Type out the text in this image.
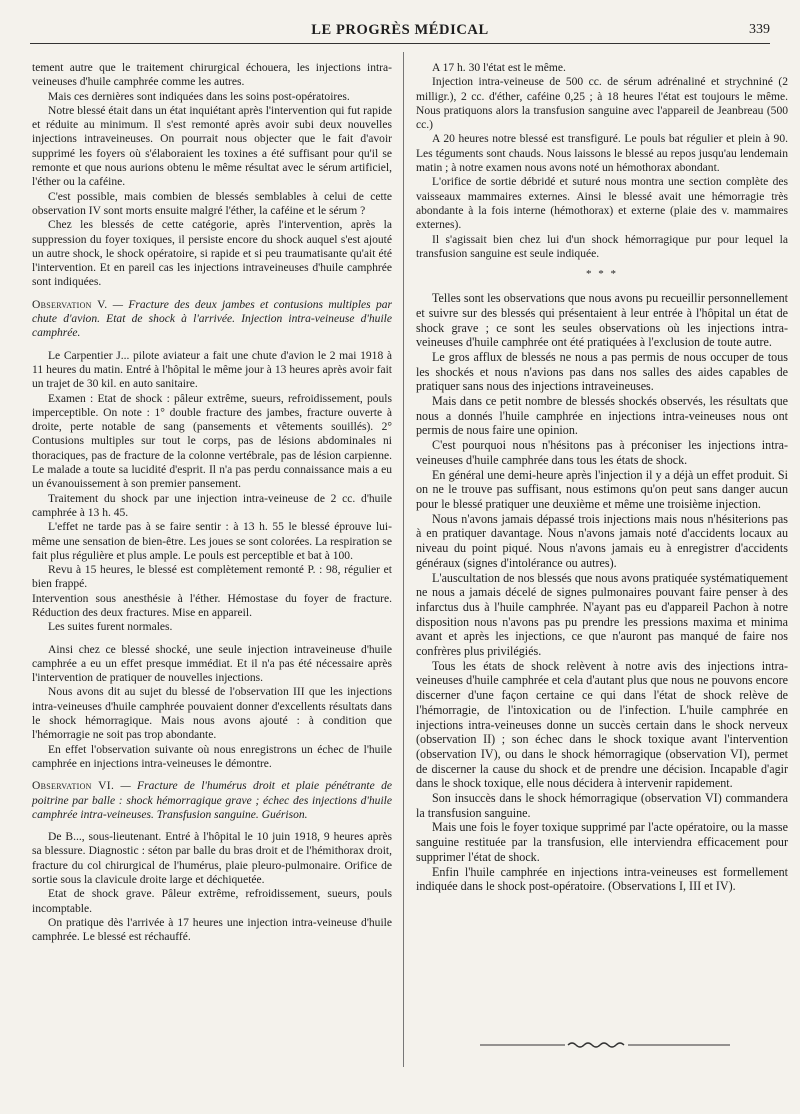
LE PROGRÈS MÉDICAL	339

tement autre que le traitement chirurgical échouera, les injections intra-veineuses d'huile camphrée comme les autres.

Mais ces dernières sont indiquées dans les soins post-opératoires.

Notre blessé était dans un état inquiétant après l'intervention qui fut rapide et réduite au minimum. Il s'est remonté après avoir subi deux nouvelles injections intraveineuses. On pourrait nous objecter que le fait d'avoir supprimé les foyers où s'élaboraient les toxines a été suffisant pour qu'il se remonte et que nous aurions obtenu le même résultat avec le sérum artificiel, l'éther ou la caféine.

C'est possible, mais combien de blessés semblables à celui de cette observation IV sont morts ensuite malgré l'éther, la caféine et le sérum ?

Chez les blessés de cette catégorie, après l'intervention, après la suppression du foyer toxiques, il persiste encore du shock auquel s'est ajouté un autre shock, le shock opératoire, si rapide et si peu traumatisante qu'ait été l'intervention. Et en pareil cas les injections intraveineuses d'huile camphrée sont indiquées.

Observation V. — Fracture des deux jambes et contusions multiples par chute d'avion. Etat de shock à l'arrivée. Injection intra-veineuse d'huile camphrée.

Le Carpentier J... pilote aviateur a fait une chute d'avion le 2 mai 1918 à 11 heures du matin. Entré à l'hôpital le même jour à 13 heures après avoir fait un trajet de 30 kil. en auto sanitaire.

Examen : Etat de shock : pâleur extrême, sueurs, refroidissement, pouls imperceptible. On note : 1° double fracture des jambes, fracture ouverte à droite, perte notable de sang (pansements et vêtements souillés). 2° Contusions multiples sur tout le corps, pas de lésions abdominales ni thoraciques, pas de fracture de la colonne vertébrale, pas de lésion carpienne. Le malade a toute sa lucidité d'esprit. Il n'a pas perdu connaissance mais a eu un évanouissement à son premier pansement.

Traitement du shock par une injection intra-veineuse de 2 cc. d'huile camphrée à 13 h. 45.

L'effet ne tarde pas à se faire sentir : à 13 h. 55 le blessé éprouve lui-même une sensation de bien-être. Les joues se sont colorées. La respiration se fait plus régulière et plus ample. Le pouls est perceptible et bat à 100.

Revu à 15 heures, le blessé est complètement remonté P. : 98, régulier et bien frappé.

Intervention sous anesthésie à l'éther. Hémostase du foyer de fracture. Réduction des deux fractures. Mise en appareil.

Les suites furent normales.

Ainsi chez ce blessé shocké, une seule injection intraveineuse d'huile camphrée a eu un effet presque immédiat. Et il n'a pas été nécessaire après l'intervention de pratiquer de nouvelles injections.

Nous avons dit au sujet du blessé de l'observation III que les injections intra-veineuses d'huile camphrée pouvaient donner d'excellents résultats dans le shock hémorragique. Mais nous avons ajouté : à condition que l'hémorragie ne soit pas trop abondante.

En effet l'observation suivante où nous enregistrons un échec de l'huile camphrée en injections intra-veineuses le démontre.

Observation VI. — Fracture de l'humérus droit et plaie pénétrante de poitrine par balle : shock hémorragique grave ; échec des injections d'huile camphrée intra-veineuses. Transfusion sanguine. Guérison.

De B..., sous-lieutenant. Entré à l'hôpital le 10 juin 1918, 9 heures après sa blessure. Diagnostic : séton par balle du bras droit et de l'hémithorax droit, fracture du col chirurgical de l'humérus, plaie pleuro-pulmonaire. Orifice de sortie sous la clavicule droite large et déchiquetée.

Etat de shock grave. Pâleur extrême, refroidissement, sueurs, pouls incomptable.

On pratique dès l'arrivée à 17 heures une injection intra-veineuse d'huile camphrée. Le blessé est réchauffé.

A 17 h. 30 l'état est le même.

Injection intra-veineuse de 500 cc. de sérum adrénaliné et strychniné (2 milligr.), 2 cc. d'éther, caféine 0,25 ; à 18 heures l'état est toujours le même. Nous pratiquons alors la transfusion sanguine avec l'appareil de Jeanbreau (500 cc.)

A 20 heures notre blessé est transfiguré. Le pouls bat régulier et plein à 90. Les téguments sont chauds. Nous laissons le blessé au repos jusqu'au lendemain matin ; à notre examen nous avons noté un hémothorax abondant.

L'orifice de sortie débridé et suturé nous montra une section complète des vaisseaux mammaires externes. Ainsi le blessé avait une hémorragie très abondante à la fois interne (hémothorax) et externe (plaie des v. mammaires externes).

Il s'agissait bien chez lui d'un shock hémorragique pur pour lequel la transfusion sanguine est seule indiquée.

* * *

Telles sont les observations que nous avons pu recueillir personnellement et suivre sur des blessés qui présentaient à leur entrée à l'hôpital un état de shock grave ; ce sont les seules observations où les injections intra-veineuses d'huile camphrée ont été pratiquées à l'exclusion de toute autre.

Le gros afflux de blessés ne nous a pas permis de nous occuper de tous les shockés et nous n'avions pas dans nos salles des aides capables de pratiquer sans nous des injections intraveineuses.

Mais dans ce petit nombre de blessés shockés observés, les résultats que nous a donnés l'huile camphrée en injections intra-veineuses nous ont permis de nous faire une opinion.

C'est pourquoi nous n'hésitons pas à préconiser les injections intra-veineuses d'huile camphrée dans tous les états de shock.

En général une demi-heure après l'injection il y a déjà un effet produit. Si on ne le trouve pas suffisant, nous estimons qu'on peut sans danger aucun pour le blessé pratiquer une deuxième et même une troisième injection.

Nous n'avons jamais dépassé trois injections mais nous n'hésiterions pas à en pratiquer davantage. Nous n'avons jamais noté d'accidents locaux au niveau du point piqué. Nous n'avons jamais eu à enregistrer d'accidents généraux (signes d'intolérance ou autres).

L'auscultation de nos blessés que nous avons pratiquée systématiquement ne nous a jamais décelé de signes pulmonaires pouvant faire penser à des infarctus dus à l'huile camphrée. N'ayant pas eu d'appareil Pachon à notre disposition nous n'avons pas pu prendre les pressions maxima et minima avant et après les injections, ce que n'auront pas manqué de faire nos confrères plus privilégiés.

Tous les états de shock relèvent à notre avis des injections intra-veineuses d'huile camphrée et cela d'autant plus que nous ne pouvons encore discerner d'une façon certaine ce qui dans l'état de shock relève de l'hémorragie, de l'intoxication ou de l'infection. L'huile camphrée en injections intra-veineuses donne un succès certain dans le shock nerveux (observation II) ; son échec dans le shock toxique avant l'intervention (observation IV), ou dans le shock hémorragique (observation VI), permet de discerner la cause du shock et de prendre une décision. Incapable d'agir dans le shock toxique, elle nous décidera à intervenir rapidement.

Son insuccès dans le shock hémorragique (observation VI) commandera la transfusion sanguine.

Mais une fois le foyer toxique supprimé par l'acte opératoire, ou la masse sanguine restituée par la transfusion, elle interviendra efficacement pour supprimer l'état de shock.

Enfin l'huile camphrée en injections intra-veineuses est formellement indiquée dans le shock post-opératoire. (Observations I, III et IV).
